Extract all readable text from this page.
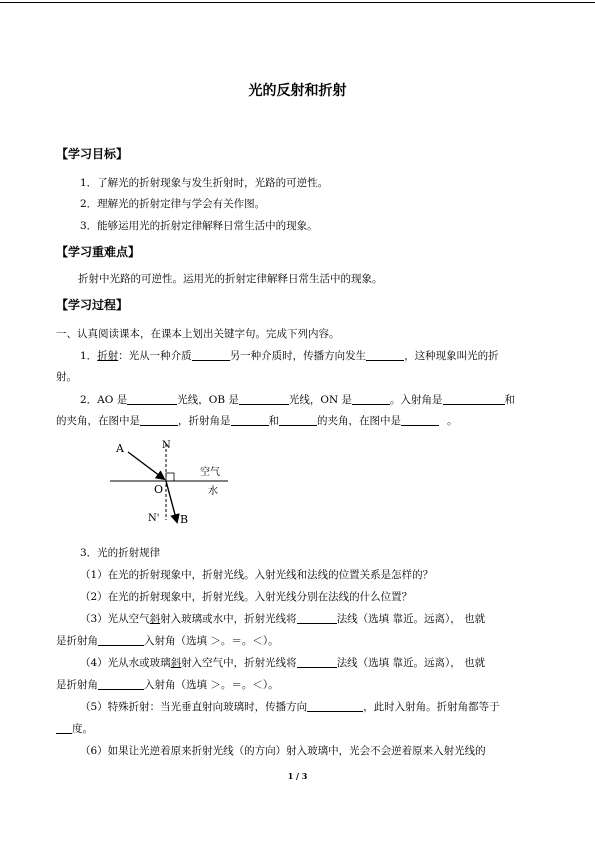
光的反射和折射
【学习目标】
1．了解光的折射现象与发生折射时，光路的可逆性。
2．理解光的折射定律与学会有关作图。
3．能够运用光的折射定律解释日常生活中的现象。
【学习重难点】
折射中光路的可逆性。运用光的折射定律解释日常生活中的现象。
【学习过程】
一、认真阅读课本，在课本上划出关键字句。完成下列内容。
1．折射：光从一种介质	另一种介质时，传播方向发生	，这种现象叫光的折
射。
2．AO 是	光线，OB 是	光线，ON 是	。入射角是	和
的夹角，在图中是	，折射角是	和	的夹角，在图中是	。
A	N
O
N' B
空气
水
3．光的折射规律
（1）在光的折射现象中，折射光线。入射光线和法线的位置关系是怎样的？
（2）在光的折射现象中，折射光线。入射光线分别在法线的什么位置？
（3）光从空气斜射入玻璃或水中，折射光线将	法线（选填 靠近。远离）， 也就
是折射角	入射角（选填 ＞。＝。＜）。
（4）光从水或玻璃斜射入空气中，折射光线将	法线（选填 靠近。远离）， 也就
是折射角	入射角（选填 ＞。＝。＜）。
（5）特殊折射：当光垂直射向玻璃时，传播方向	，此时入射角。折射角都等于
度。
（6）如果让光逆着原来折射光线（的方向）射入玻璃中，光会不会逆着原来入射光线的
1 / 3
